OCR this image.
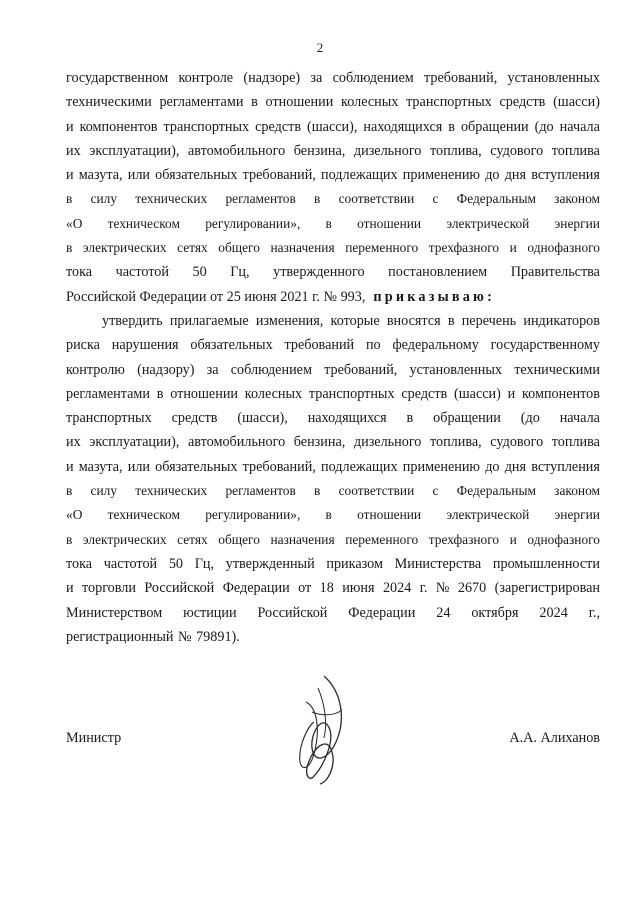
2
государственном контроле (надзоре) за соблюдением требований, установленных
техническими регламентами в отношении колесных транспортных средств (шасси)
и компонентов транспортных средств (шасси), находящихся в обращении (до начала
их эксплуатации), автомобильного бензина, дизельного топлива, судового топлива
и мазута, или обязательных требований, подлежащих применению до дня вступления
в силу технических регламентов в соответствии с Федеральным законом
«О техническом регулировании», в отношении электрической энергии
в электрических сетях общего назначения переменного трехфазного и однофазного
тока частотой 50 Гц, утвержденного постановлением Правительства
Российской Федерации от 25 июня 2021 г. № 993, приказываю:
утвердить прилагаемые изменения, которые вносятся в перечень индикаторов
риска нарушения обязательных требований по федеральному государственному
контролю (надзору) за соблюдением требований, установленных техническими
регламентами в отношении колесных транспортных средств (шасси) и компонентов
транспортных средств (шасси), находящихся в обращении (до начала
их эксплуатации), автомобильного бензина, дизельного топлива, судового топлива
и мазута, или обязательных требований, подлежащих применению до дня вступления
в силу технических регламентов в соответствии с Федеральным законом
«О техническом регулировании», в отношении электрической энергии
в электрических сетях общего назначения переменного трехфазного и однофазного
тока частотой 50 Гц, утвержденный приказом Министерства промышленности
и торговли Российской Федерации от 18 июня 2024 г. № 2670 (зарегистрирован
Министерством юстиции Российской Федерации 24 октября 2024 г.,
регистрационный № 79891).
Министр	А.А. Алиханов
